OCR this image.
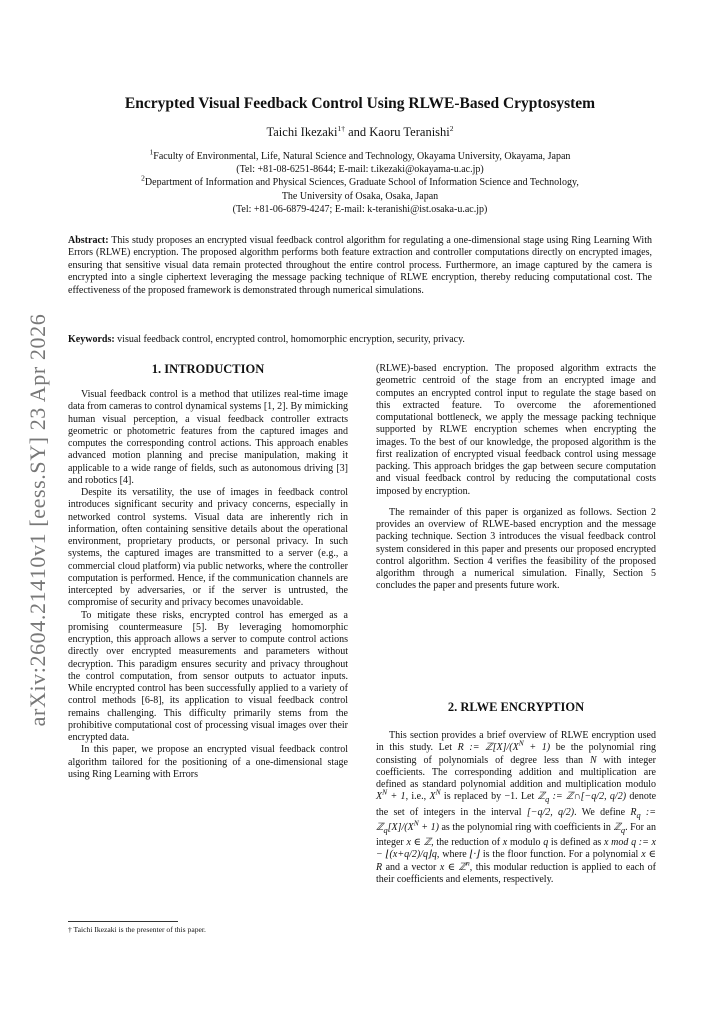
arXiv:2604.21410v1 [eess.SY] 23 Apr 2026
Encrypted Visual Feedback Control Using RLWE-Based Cryptosystem
Taichi Ikezaki$^{1\dagger}$ and Kaoru Teranishi$^2$
$^1$Faculty of Environmental, Life, Natural Science and Technology, Okayama University, Okayama, Japan
(Tel: +81-08-6251-8644; E-mail: t.ikezaki@okayama-u.ac.jp)
$^2$Department of Information and Physical Sciences, Graduate School of Information Science and Technology,
The University of Osaka, Osaka, Japan
(Tel: +81-06-6879-4247; E-mail: k-teranishi@ist.osaka-u.ac.jp)
Abstract: This study proposes an encrypted visual feedback control algorithm for regulating a one-dimensional stage using Ring Learning With Errors (RLWE) encryption. The proposed algorithm performs both feature extraction and controller computations directly on encrypted images, ensuring that sensitive visual data remain protected throughout the entire control process. Furthermore, an image captured by the camera is encrypted into a single ciphertext leveraging the message packing technique of RLWE encryption, thereby reducing computational cost. The effectiveness of the proposed framework is demonstrated through numerical simulations.
Keywords: visual feedback control, encrypted control, homomorphic encryption, security, privacy.
1. INTRODUCTION

Visual feedback control is a method that utilizes real-time image data from cameras to control dynamical systems [1, 2]. By mimicking human visual perception, a visual feedback controller extracts geometric or photometric features from the captured images and computes the corresponding control actions. This approach enables advanced motion planning and precise manipulation, making it applicable to a wide range of fields, such as autonomous driving [3] and robotics [4].

Despite its versatility, the use of images in feedback control introduces significant security and privacy concerns, especially in networked control systems. Visual data are inherently rich in information, often containing sensitive details about the operational environment, proprietary products, or personal privacy. In such systems, the captured images are transmitted to a server (e.g., a commercial cloud platform) via public networks, where the controller computation is performed. Hence, if the communication channels are intercepted by adversaries, or if the server is untrusted, the compromise of security and privacy becomes unavoidable.

To mitigate these risks, encrypted control has emerged as a promising countermeasure [5]. By leveraging homomorphic encryption, this approach allows a server to compute control actions directly over encrypted measurements and parameters without decryption. This paradigm ensures security and privacy throughout the control computation, from sensor outputs to actuator inputs. While encrypted control has been successfully applied to a variety of control methods [6-8], its application to visual feedback control remains challenging. This difficulty primarily stems from the prohibitive computational cost of processing visual images over their encrypted data.

In this paper, we propose an encrypted visual feedback control algorithm tailored for the positioning of a one-dimensional stage using Ring Learning with Errors

(RLWE)-based encryption. The proposed algorithm extracts the geometric centroid of the stage from an encrypted image and computes an encrypted control input to regulate the stage based on this extracted feature. To overcome the aforementioned computational bottleneck, we apply the message packing technique supported by RLWE encryption schemes when encrypting the images. To the best of our knowledge, the proposed algorithm is the first realization of encrypted visual feedback control using message packing. This approach bridges the gap between secure computation and visual feedback control by reducing the computational costs imposed by encryption.

The remainder of this paper is organized as follows. Section 2 provides an overview of RLWE-based encryption and the message packing technique. Section 3 introduces the visual feedback control system considered in this paper and presents our proposed encrypted control algorithm. Section 4 verifies the feasibility of the proposed algorithm through a numerical simulation. Finally, Section 5 concludes the paper and presents future work.

2. RLWE ENCRYPTION

This section provides a brief overview of RLWE encryption used in this study. Let R := $ℤ[X]/(X^N + 1)$ be the polynomial ring consisting of polynomials of degree less than N with integer coefficients. The corresponding addition and multiplication are defined as standard polynomial addition and multiplication modulo $X^N + 1$, i.e., $X^N$ is replaced by −1. Let ℤ$_q$ := ℤ∩[−q/2, q/2) denote the set of integers in the interval [−q/2, q/2). We define $R_q$ := $ℤ_q[X]/(X^N + 1)$ as the polynomial ring with coefficients in ℤ$_q$. For an integer x ∈ ℤ, the reduction of x modulo q is defined as x mod q := x − ⌊(x+q/2)/q⌋q, where ⌊·⌋ is the floor function. For a polynomial x ∈ R and a vector x ∈ ℤ$^n$, this modular reduction is applied to each of their coefficients and elements, respectively.

† Taichi Ikezaki is the presenter of this paper.
